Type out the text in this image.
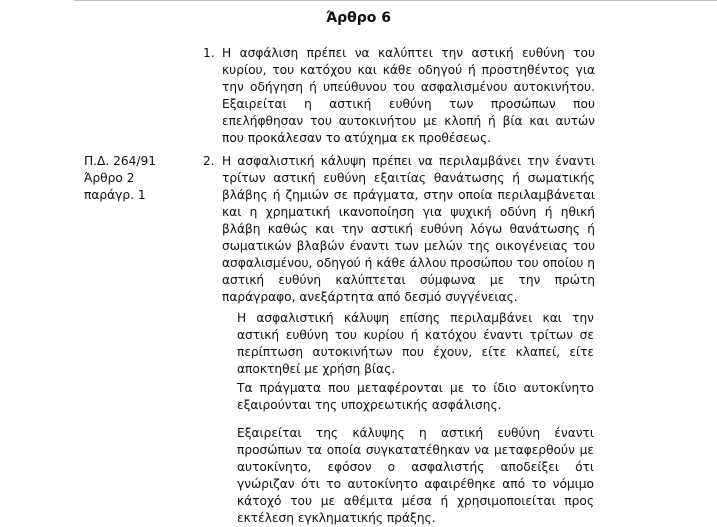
Άρθρο 6
Π.Δ. 264/91
Άρθρο 2
παράγρ. 1
1. Η ασφάλιση πρέπει να καλύπτει την αστική ευθύνη του κυρίου, του κατόχου και κάθε οδηγού ή προστηθέντος για την οδήγηση ή υπεύθυνου του ασφαλισμένου αυτοκινήτου. Εξαιρείται η αστική ευθύνη των προσώπων που επελήφθησαν του αυτοκινήτου με κλοπή ή βία και αυτών που προκάλεσαν το ατύχημα εκ προθέσεως.
2. Η ασφαλιστική κάλυψη πρέπει να περιλαμβάνει την έναντι τρίτων αστική ευθύνη εξαιτίας θανάτωσης ή σωματικής βλάβης ή ζημιών σε πράγματα, στην οποία περιλαμβάνεται και η χρηματική ικανοποίηση για ψυχική οδύνη ή ηθική βλάβη καθώς και την αστική ευθύνη λόγω θανάτωσης ή σωματικών βλαβών έναντι των μελών της οικογένειας του ασφαλισμένου, οδηγού ή κάθε άλλου προσώπου του οποίου η αστική ευθύνη καλύπτεται σύμφωνα με την πρώτη παράγραφο, ανεξάρτητα από δεσμό συγγένειας.
Η ασφαλιστική κάλυψη επίσης περιλαμβάνει και την αστική ευθύνη του κυρίου ή κατόχου έναντι τρίτων σε περίπτωση αυτοκινήτων που έχουν, είτε κλαπεί, είτε αποκτηθεί με χρήση βίας.
Τα πράγματα που μεταφέρονται με το ίδιο αυτοκίνητο εξαιρούνται της υποχρεωτικής ασφάλισης.
Εξαιρείται της κάλυψης η αστική ευθύνη έναντι προσώπων τα οποία συγκατατέθηκαν να μεταφερθούν με αυτοκίνητο, εφόσον ο ασφαλιστής αποδείξει ότι γνώριζαν ότι το αυτοκίνητο αφαιρέθηκε από το νόμιμο κάτοχό του με αθέμιτα μέσα ή χρησιμοποιείται προς εκτέλεση εγκληματικής πράξης.
